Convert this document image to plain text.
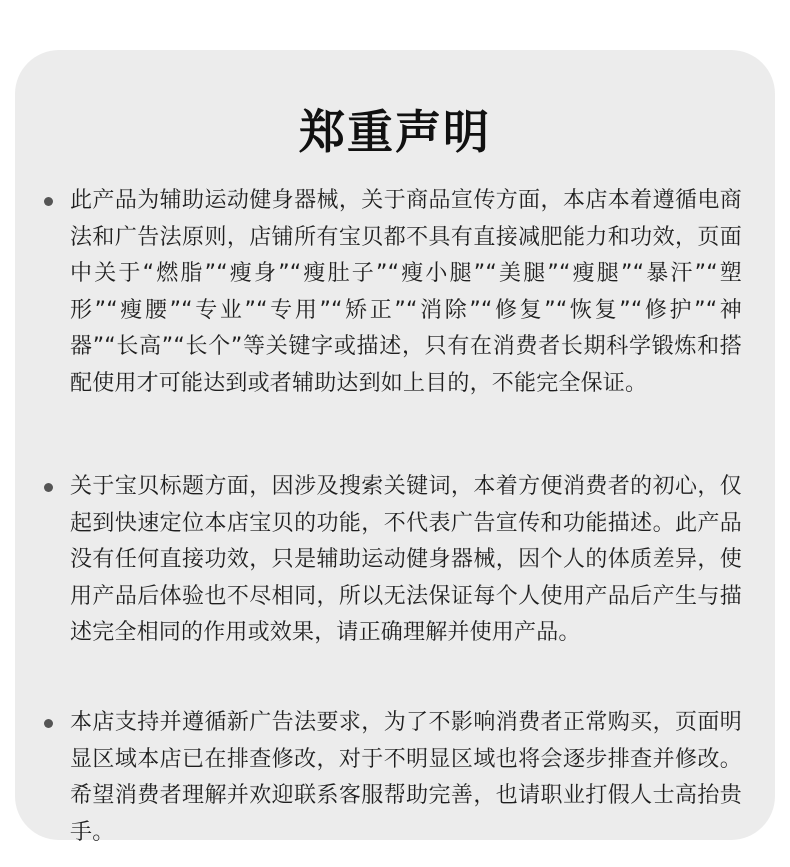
郑重声明
此产品为辅助运动健身器械，关于商品宣传方面，本店本着遵循电商法和广告法原则，店铺所有宝贝都不具有直接减肥能力和功效，页面中关于“燃脂”“瘦身”“瘦肚子”“瘦小腿”“美腿”“瘦腿”“暴汗”“塑形”“瘦腰”“专业”“专用”“矫正”“消除”“修复”“恢复”“修护”“神器”“长高”“长个”等关键字或描述，只有在消费者长期科学锻炼和搭配使用才可能达到或者辅助达到如上目的，不能完全保证。
关于宝贝标题方面，因涉及搜索关键词，本着方便消费者的初心，仅起到快速定位本店宝贝的功能，不代表广告宣传和功能描述。此产品没有任何直接功效，只是辅助运动健身器械，因个人的体质差异，使用产品后体验也不尽相同，所以无法保证每个人使用产品后产生与描述完全相同的作用或效果，请正确理解并使用产品。
本店支持并遵循新广告法要求，为了不影响消费者正常购买，页面明显区域本店已在排查修改，对于不明显区域也将会逐步排查并修改。希望消费者理解并欢迎联系客服帮助完善，也请职业打假人士高抬贵手。
